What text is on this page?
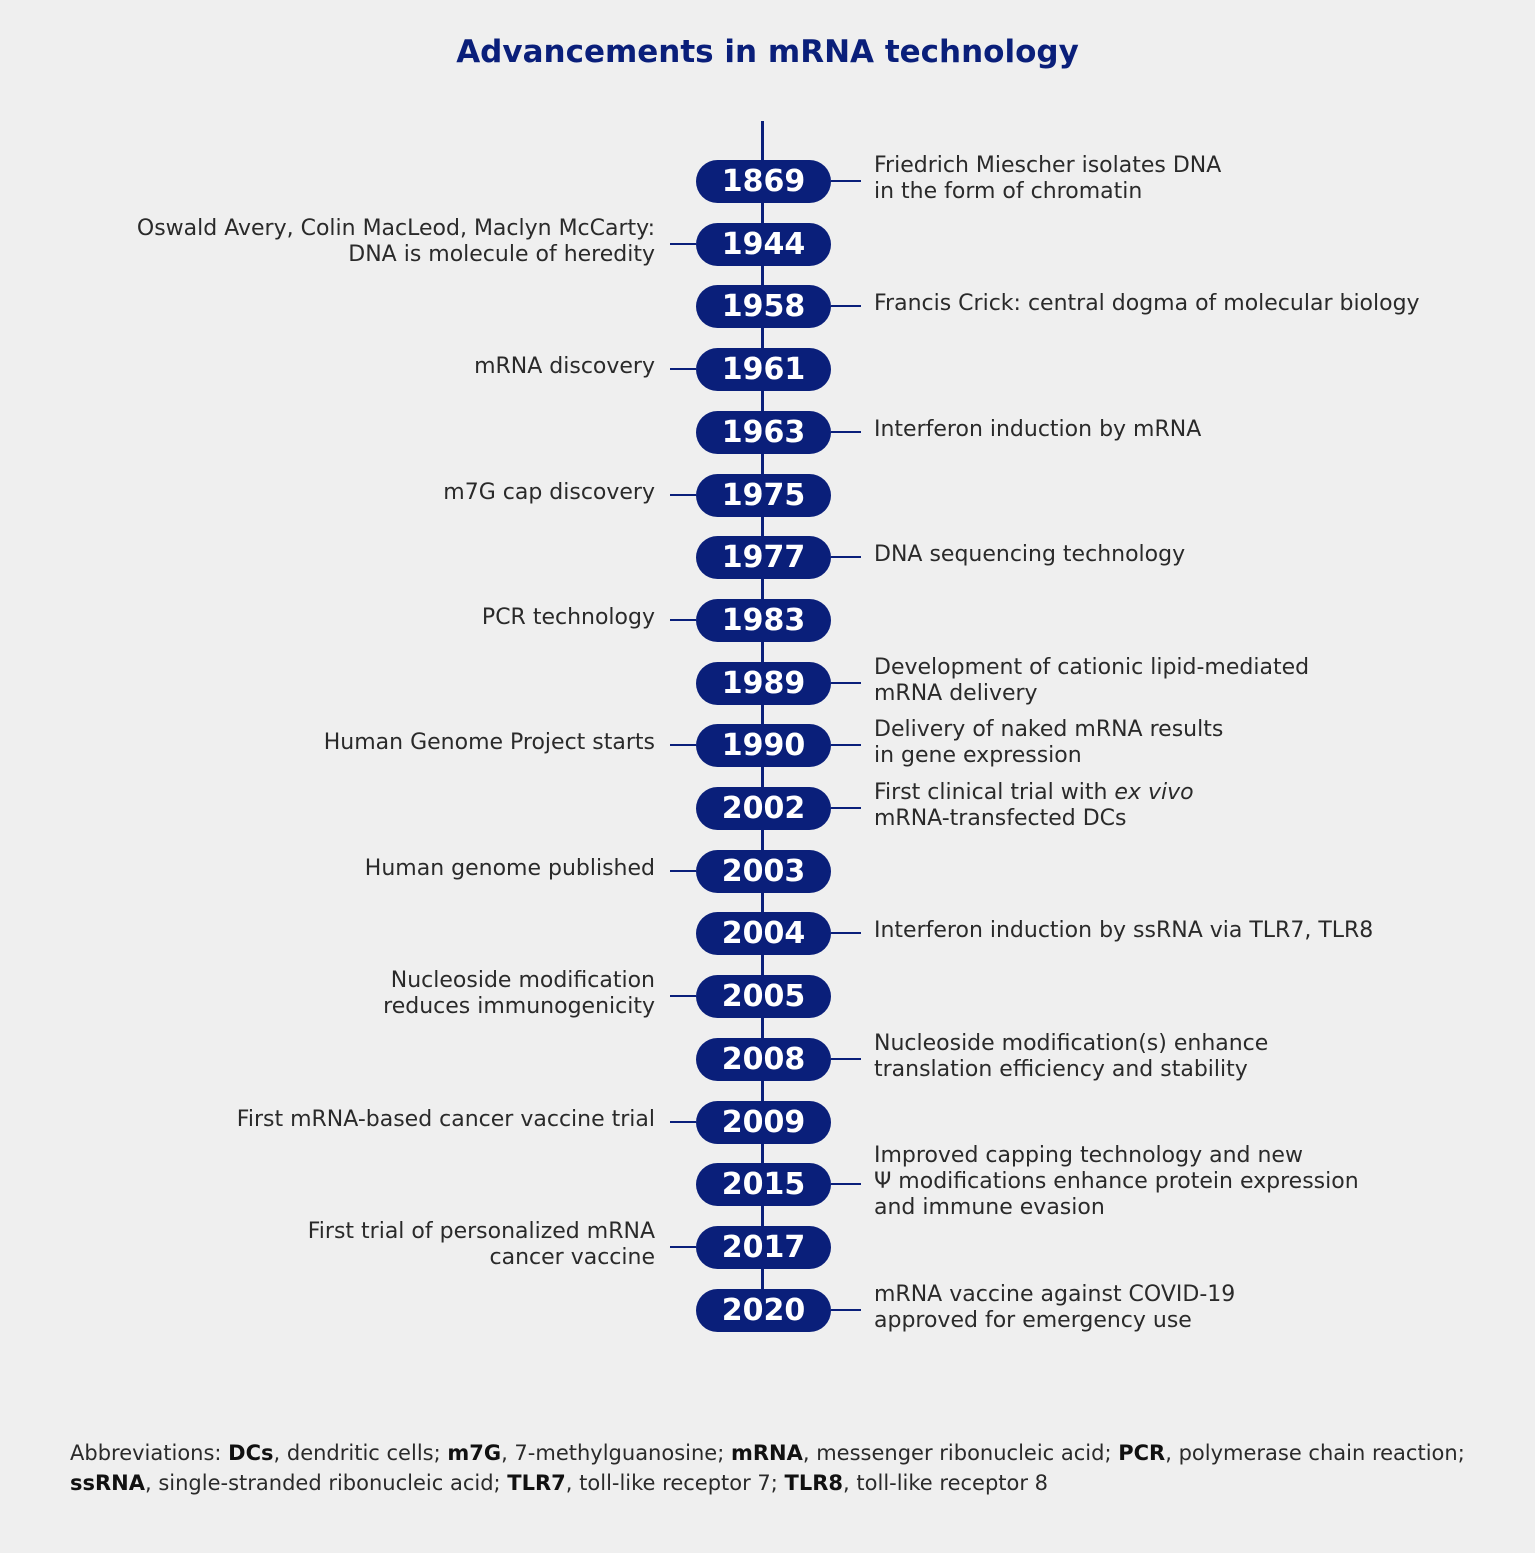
Advancements in mRNA technology
1869
1944
1958
1961
1963
1975
1977
1983
1989
1990
2002
2003
2004
2005
2008
2009
2015
2017
2020
Friedrich Miescher isolates DNA
in the form of chromatin
Oswald Avery, Colin MacLeod, Maclyn McCarty:
DNA is molecule of heredity
Francis Crick: central dogma of molecular biology
mRNA discovery
Interferon induction by mRNA
m7G cap discovery
DNA sequencing technology
PCR technology
Development of cationic lipid-mediated
mRNA delivery
Human Genome Project starts
Delivery of naked mRNA results
in gene expression
First clinical trial with ex vivo
mRNA-transfected DCs
Human genome published
Interferon induction by ssRNA via TLR7, TLR8
Nucleoside modification
reduces immunogenicity
Nucleoside modification(s) enhance
translation efficiency and stability
First mRNA-based cancer vaccine trial
Improved capping technology and new
Ψ modifications enhance protein expression
and immune evasion
First trial of personalized mRNA
cancer vaccine
mRNA vaccine against COVID-19
approved for emergency use
Abbreviations: DCs, dendritic cells; m7G, 7-methylguanosine; mRNA, messenger ribonucleic acid; PCR, polymerase chain reaction; ssRNA, single-stranded ribonucleic acid; TLR7, toll-like receptor 7; TLR8, toll-like receptor 8
